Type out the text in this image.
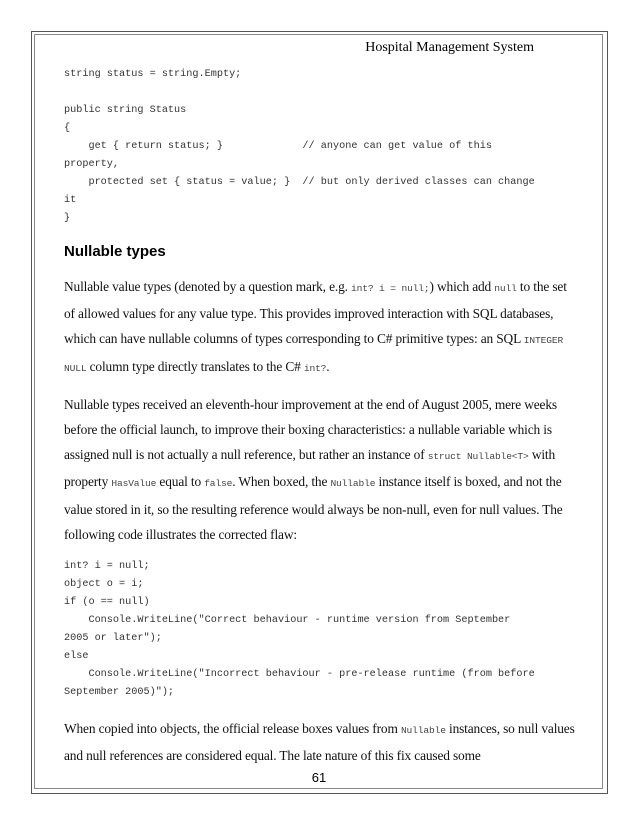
Hospital Management System
string status = string.Empty;

public string Status
{
get { return status; }             // anyone can get value of this
property,
protected set { status = value; }  // but only derived classes can change
it
}
Nullable types

Nullable value types (denoted by a question mark, e.g. int? i = null;) which add null to the set of allowed values for any value type. This provides improved interaction with SQL databases, which can have nullable columns of types corresponding to C# primitive types: an SQL INTEGER NULL column type directly translates to the C# int?.

Nullable types received an eleventh-hour improvement at the end of August 2005, mere weeks before the official launch, to improve their boxing characteristics: a nullable variable which is assigned null is not actually a null reference, but rather an instance of struct Nullable<T> with property HasValue equal to false. When boxed, the Nullable instance itself is boxed, and not the value stored in it, so the resulting reference would always be non-null, even for null values. The following code illustrates the corrected flaw:

int? i = null;
object o = i;
if (o == null)
Console.WriteLine("Correct behaviour - runtime version from September
2005 or later");
else
Console.WriteLine("Incorrect behaviour - pre-release runtime (from before
September 2005)");

When copied into objects, the official release boxes values from Nullable instances, so null values and null references are considered equal. The late nature of this fix caused some

61
